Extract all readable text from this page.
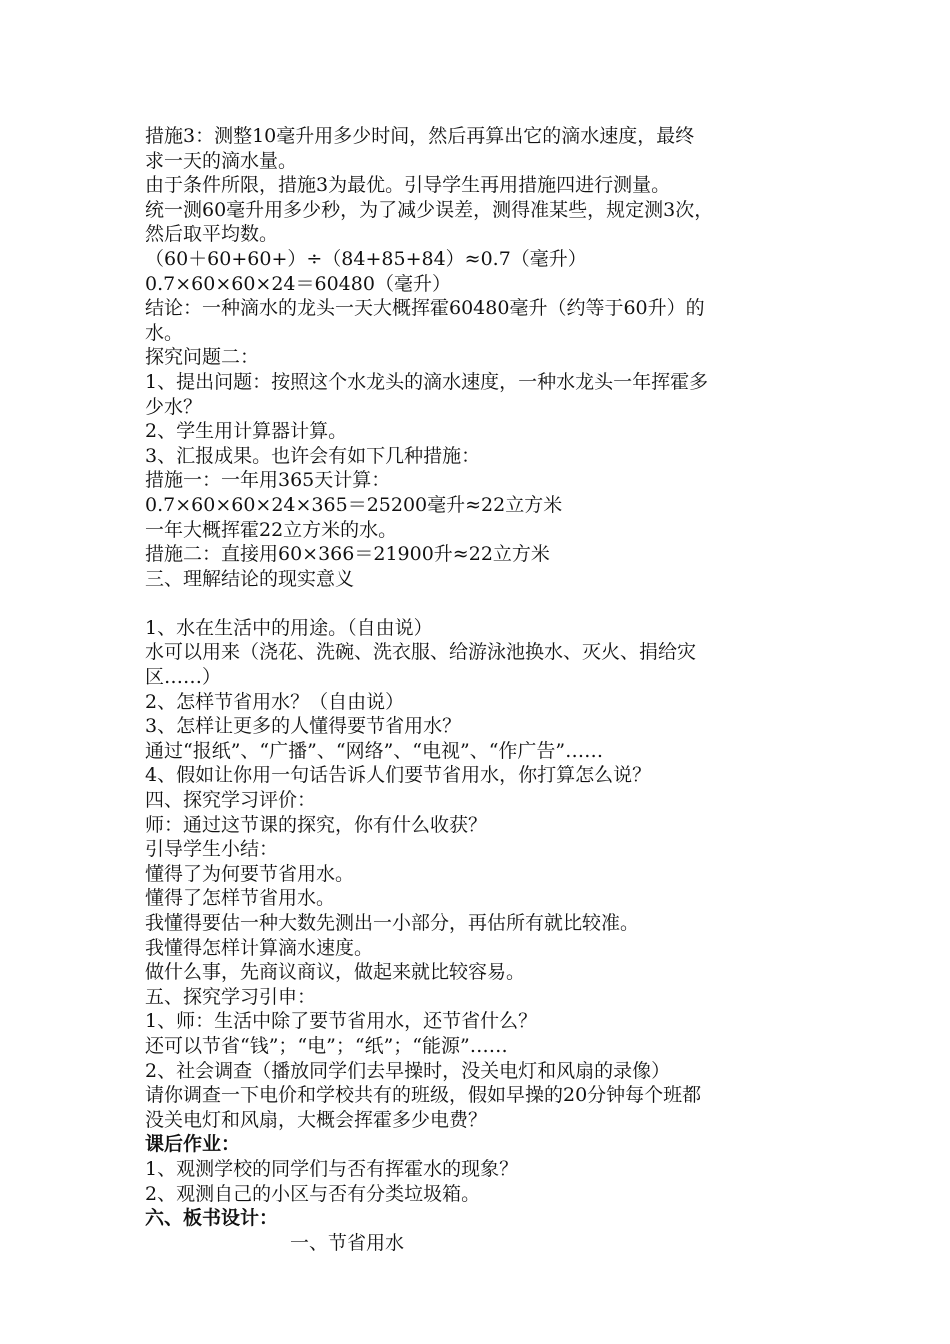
措施3：测整10毫升用多少时间，然后再算出它的滴水速度，最终
求一天的滴水量。
由于条件所限，措施3为最优。引导学生再用措施四进行测量。
统一测60毫升用多少秒，为了减少误差，测得准某些，规定测3次，
然后取平均数。
（60＋60+60+）÷（84+85+84）≈0.7（毫升）
0.7×60×60×24＝60480（毫升）
结论：一种滴水的龙头一天大概挥霍60480毫升（约等于60升）的
水。
探究问题二：
1、提出问题：按照这个水龙头的滴水速度，一种水龙头一年挥霍多
少水？
2、学生用计算器计算。
3、汇报成果。也许会有如下几种措施：
措施一：一年用365天计算：
0.7×60×60×24×365＝25200毫升≈22立方米
一年大概挥霍22立方米的水。
措施二：直接用60×366＝21900升≈22立方米
三、理解结论的现实意义
1、水在生活中的用途。（自由说）
水可以用来（浇花、洗碗、洗衣服、给游泳池换水、灭火、捐给灾
区……）
2、怎样节省用水？（自由说）
3、怎样让更多的人懂得要节省用水？
通过“报纸”、“广播”、“网络”、“电视”、“作广告”……
4、假如让你用一句话告诉人们要节省用水，你打算怎么说？
四、探究学习评价：
师：通过这节课的探究，你有什么收获？
引导学生小结：
懂得了为何要节省用水。
懂得了怎样节省用水。
我懂得要估一种大数先测出一小部分，再估所有就比较准。
我懂得怎样计算滴水速度。
做什么事，先商议商议，做起来就比较容易。
五、探究学习引申：
1、师：生活中除了要节省用水，还节省什么？
还可以节省“钱”；“电”；“纸”；“能源”……
2、社会调查（播放同学们去早操时，没关电灯和风扇的录像）
请你调查一下电价和学校共有的班级，假如早操的20分钟每个班都
没关电灯和风扇，大概会挥霍多少电费？
课后作业：
1、观测学校的同学们与否有挥霍水的现象？
2、观测自己的小区与否有分类垃圾箱。
六、板书设计：
一、节省用水
